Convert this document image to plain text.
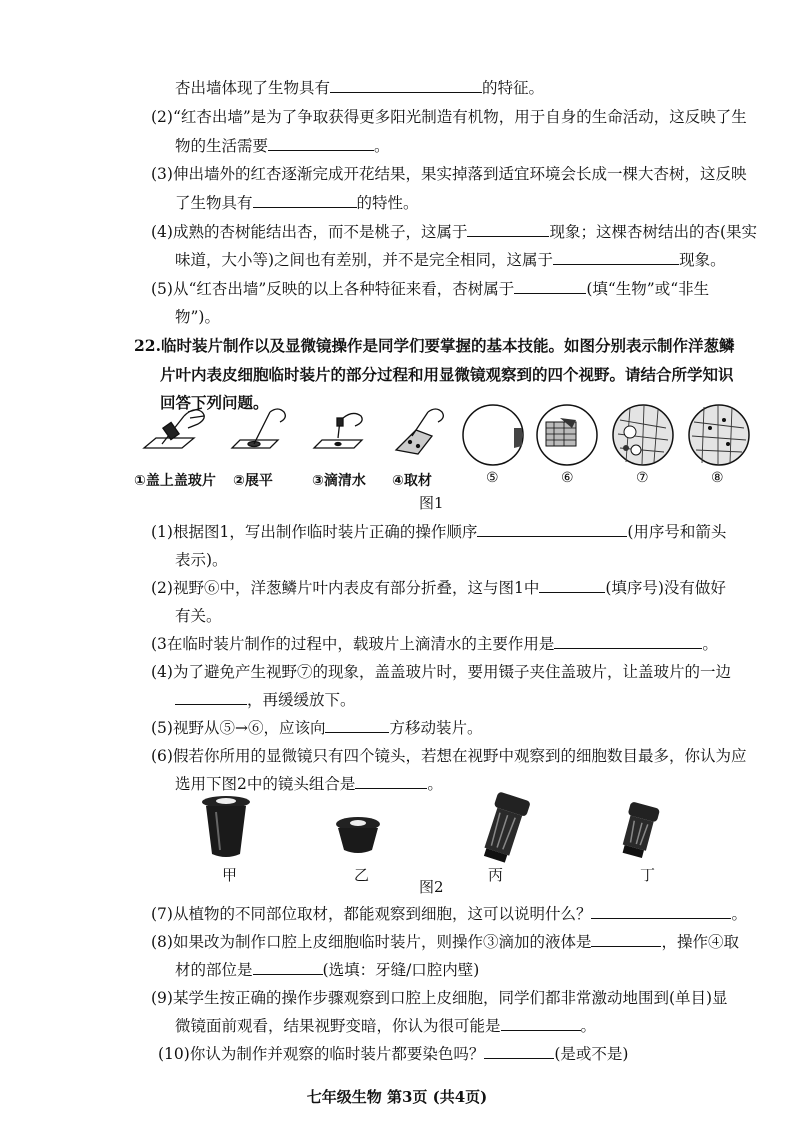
杏出墙体现了生物具有	的特征。
(2)“红杏出墙”是为了争取获得更多阳光制造有机物，用于自身的生命活动，这反映了生
物的生活需要	。
(3)伸出墙外的红杏逐渐完成开花结果，果实掉落到适宜环境会长成一棵大杏树，这反映
了生物具有	的特性。
(4)成熟的杏树能结出杏，而不是桃子，这属于	现象；这棵杏树结出的杏(果实
味道，大小等)之间也有差别，并不是完全相同，这属于	现象。
(5)从“红杏出墙”反映的以上各种特征来看，杏树属于	(填“生物”或“非生
物”)。
22.临时装片制作以及显微镜操作是同学们要掌握的基本技能。如图分别表示制作洋葱鳞
片叶内表皮细胞临时装片的部分过程和用显微镜观察到的四个视野。请结合所学知识
回答下列问题。
①盖上盖玻片 ②展平	③滴清水 ④取材	⑤	⑥	⑦	⑧
图1
(1)根据图1，写出制作临时装片正确的操作顺序	(用序号和箭头
表示)。
(2)视野⑥中，洋葱鳞片叶内表皮有部分折叠，这与图1中	(填序号)没有做好
有关。
(3在临时装片制作的过程中，载玻片上滴清水的主要作用是	。
(4)为了避免产生视野⑦的现象，盖盖玻片时，要用镊子夹住盖玻片，让盖玻片的一边
，再缓缓放下。
(5)视野从⑤→⑥，应该向	方移动装片。
(6)假若你所用的显微镜只有四个镜头，若想在视野中观察到的细胞数目最多，你认为应
选用下图2中的镜头组合是	。
甲	乙	丙	丁
图2
(7)从植物的不同部位取材，都能观察到细胞，这可以说明什么？	。
(8)如果改为制作口腔上皮细胞临时装片，则操作③滴加的液体是	，操作④取
材的部位是	(选填：牙缝/口腔内壁)
(9)某学生按正确的操作步骤观察到口腔上皮细胞，同学们都非常激动地围到(单目)显
微镜面前观看，结果视野变暗，你认为很可能是	。
(10)你认为制作并观察的临时装片都要染色吗？	(是或不是)
七年级生物 第3页 (共4页)
